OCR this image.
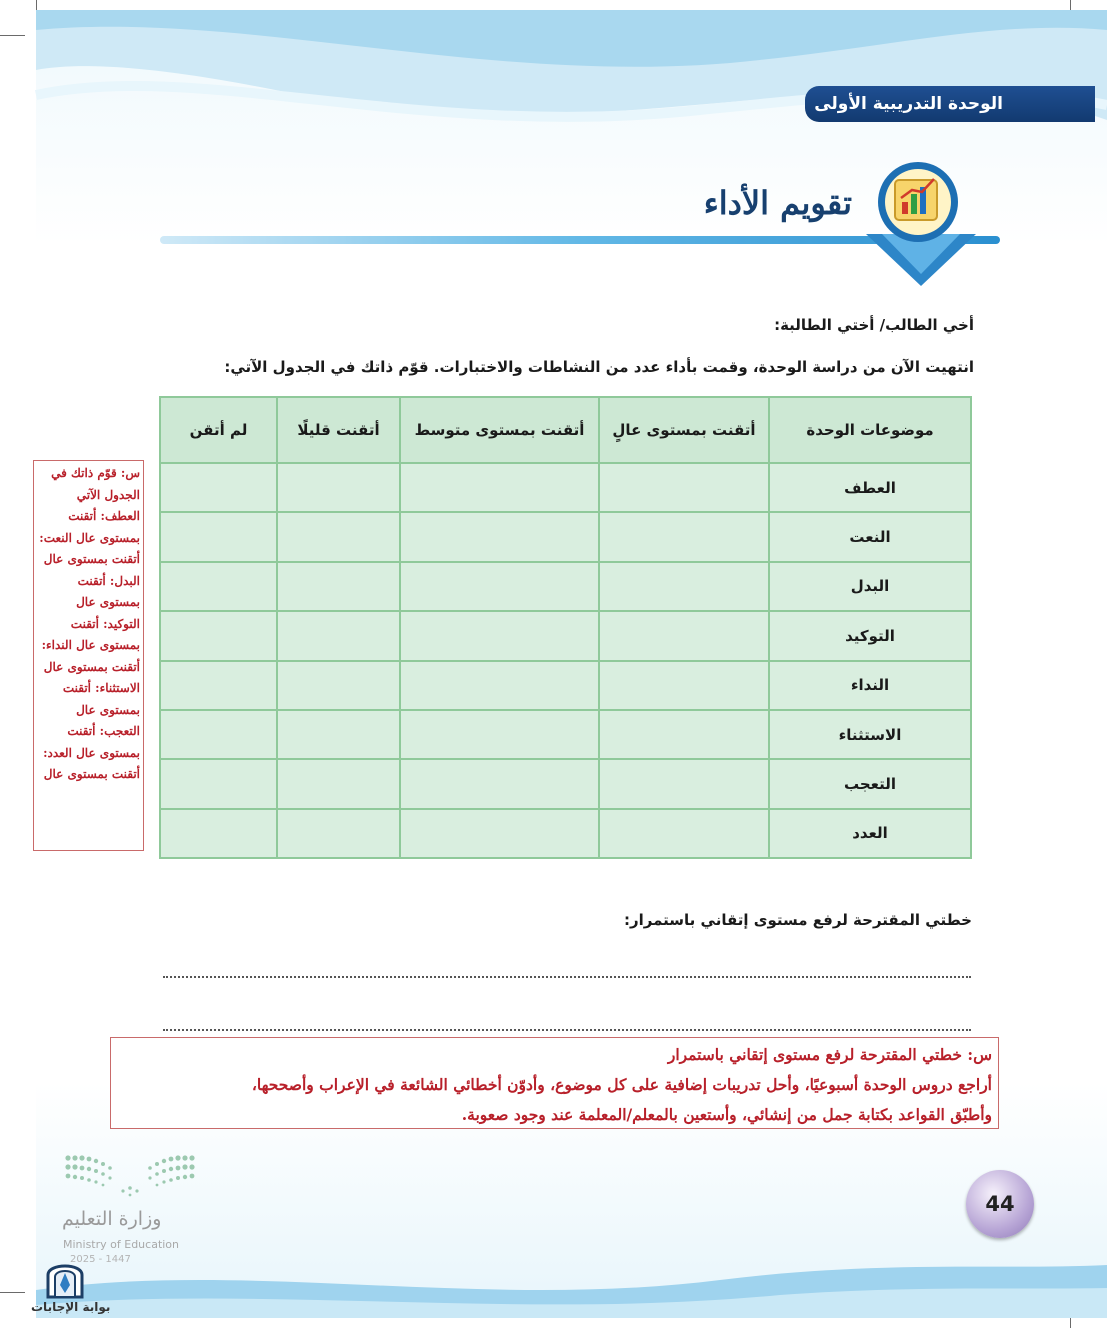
الوحدة التدريبية الأولى
تقويم الأداء
أخي الطالب/ أختي الطالبة:
انتهيت الآن من دراسة الوحدة، وقمت بأداء عدد من النشاطات والاختبارات. قوّم ذاتك في الجدول الآتي:
موضوعات الوحدة	أتقنت بمستوى عالٍ	أتقنت بمستوى متوسط	أتقنت قليلًا	لم أتقن
العطف				
النعت				
البدل				
التوكيد				
النداء				
الاستثناء				
التعجب				
العدد				
س: قوّم ذاتك في الجدول الآتي العطف: أتقنت بمستوى عال النعت: أتقنت بمستوى عال البدل: أتقنت بمستوى عال التوكيد: أتقنت بمستوى عال النداء: أتقنت بمستوى عال الاستثناء: أتقنت بمستوى عال التعجب: أتقنت بمستوى عال العدد: أتقنت بمستوى عال
خطتي المقترحة لرفع مستوى إتقاني باستمرار:
س: خطتي المقترحة لرفع مستوى إتقاني باستمرار
أراجع دروس الوحدة أسبوعيًا، وأحل تدريبات إضافية على كل موضوع، وأدوّن أخطائي الشائعة في الإعراب وأصححها،
وأطبّق القواعد بكتابة جمل من إنشائي، وأستعين بالمعلم/المعلمة عند وجود صعوبة.
وزارة التعليم
Ministry of Education
2025 - 1447
44
بوابة الإجابات
